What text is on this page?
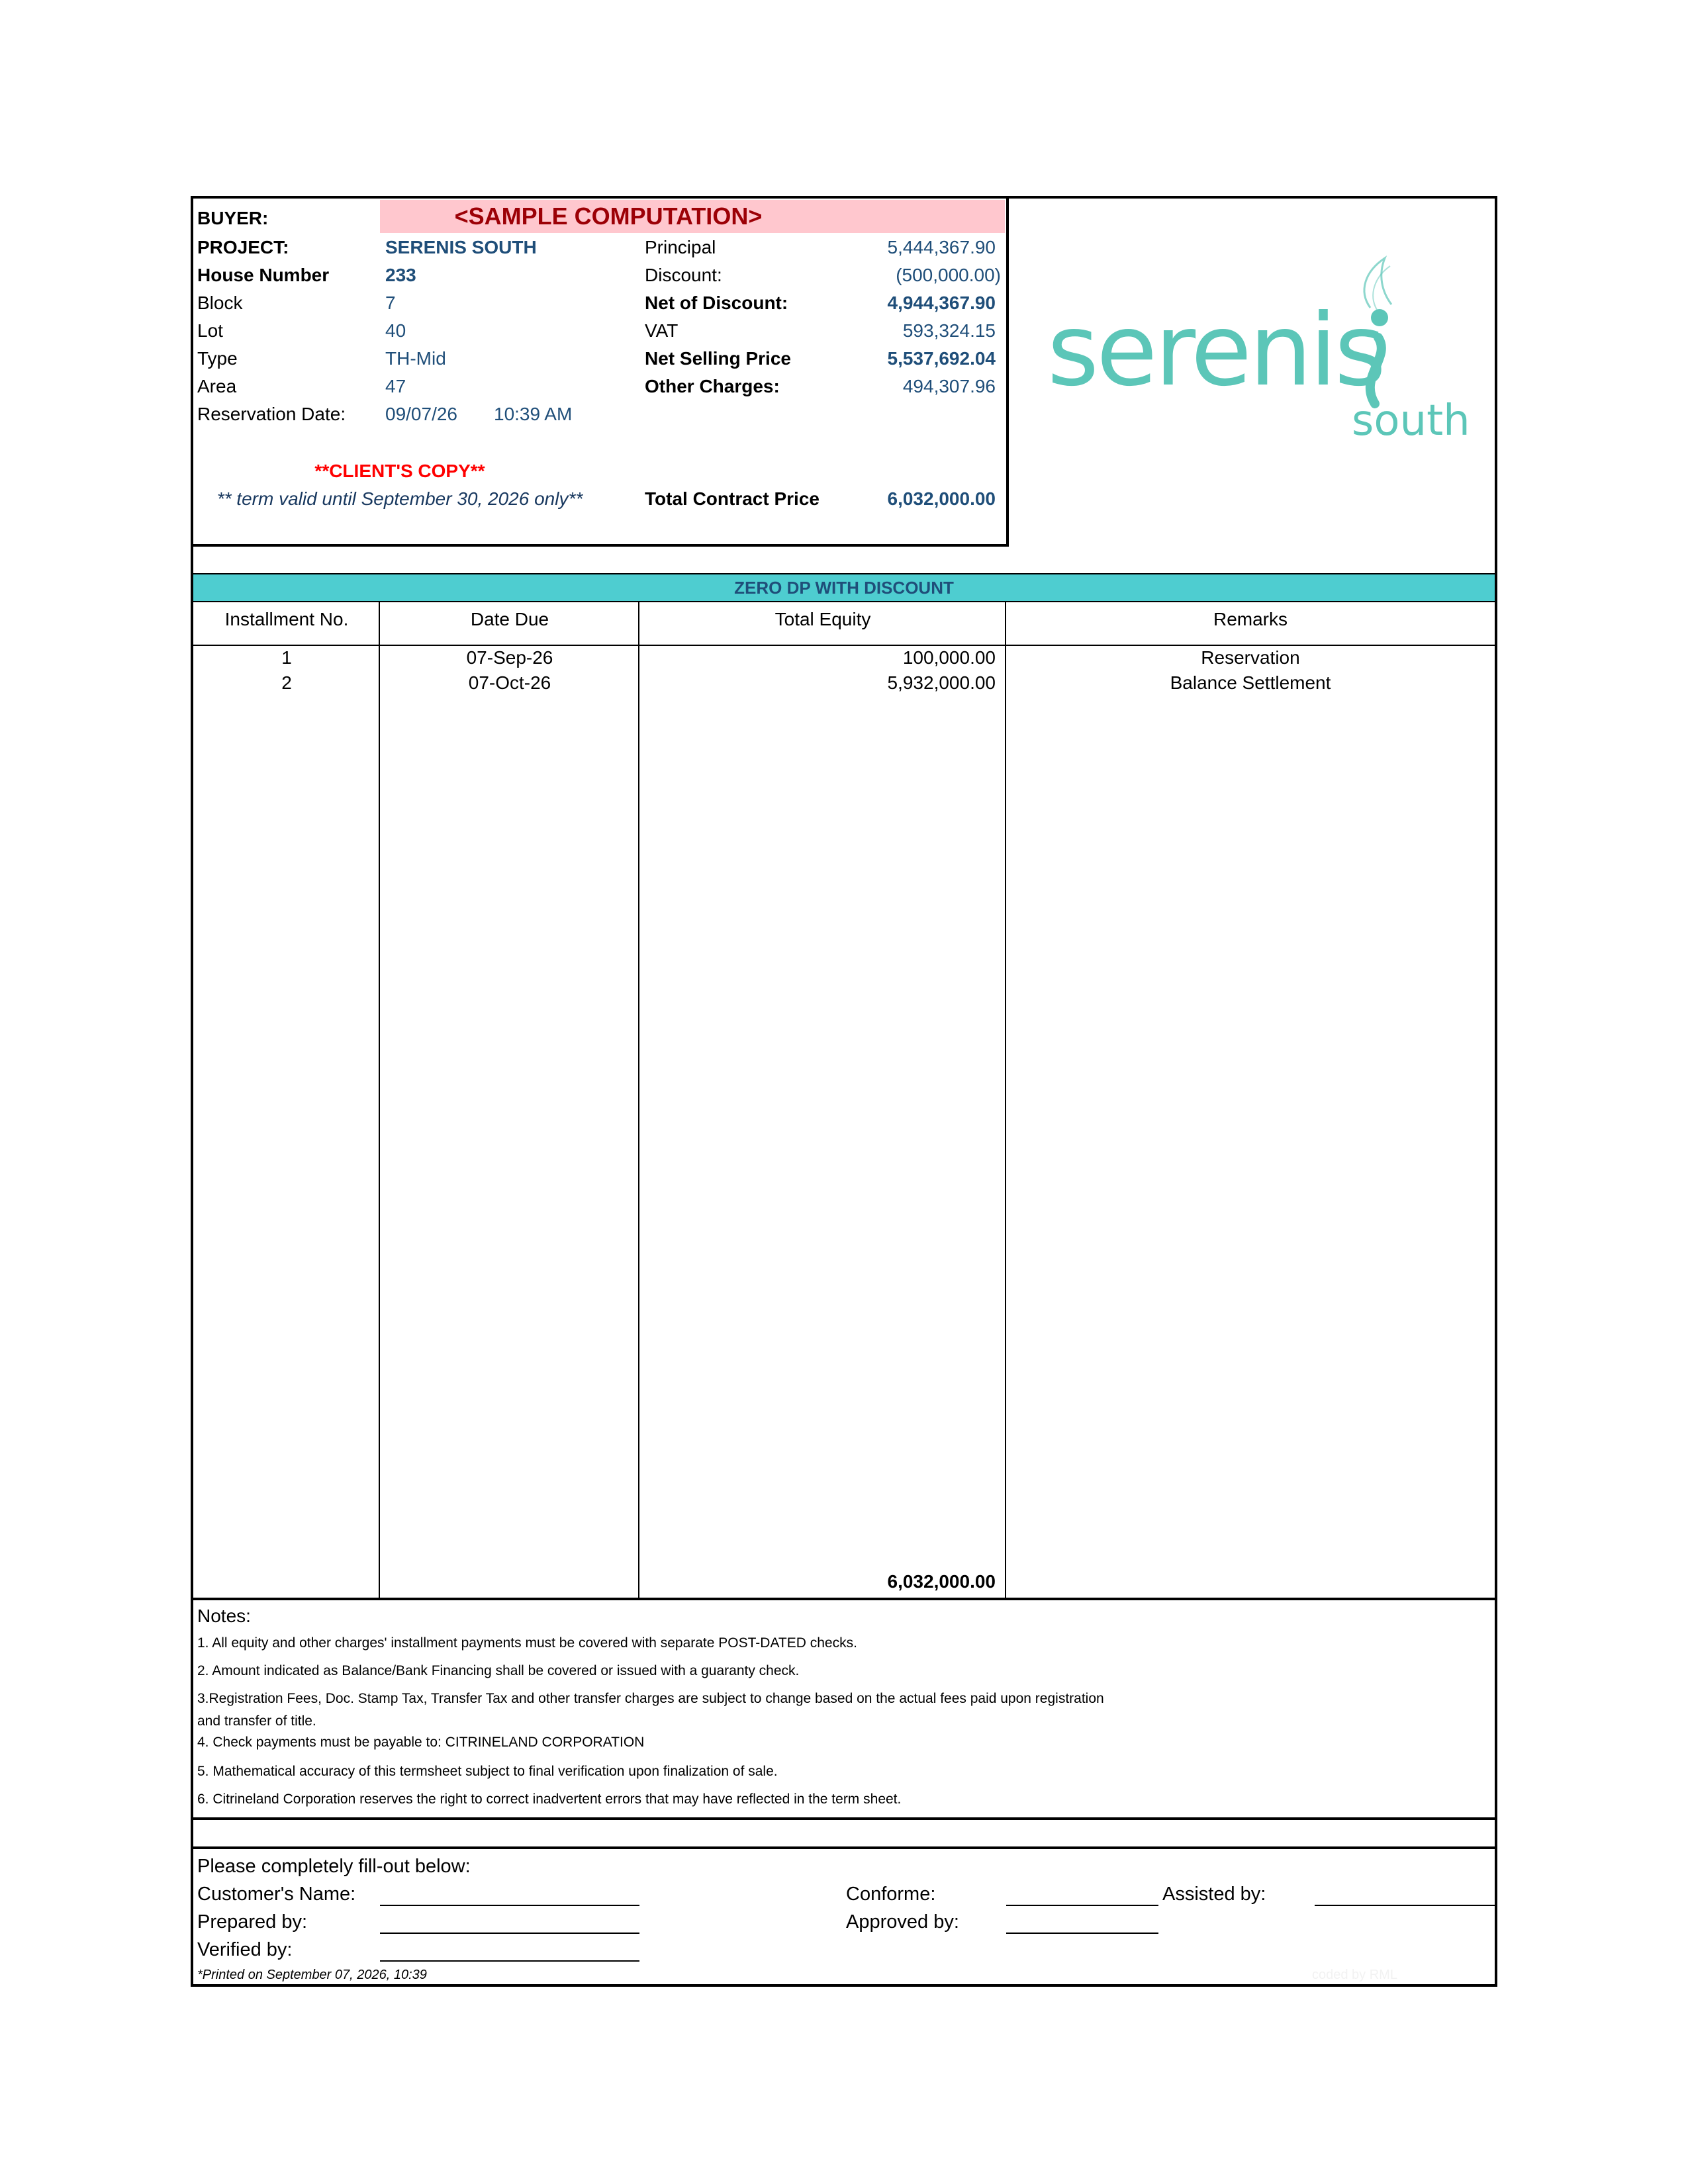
BUYER:	<SAMPLE COMPUTATION>
PROJECT:	SERENIS SOUTH
House Number	233
Block	7
Lot	40
Type	TH-Mid
Area	47
Reservation Date: 09/07/26 10:39 AM
**CLIENT'S COPY**
** term valid until September 30, 2026 only**
Principal	5,444,367.90
Discount:	(500,000.00)
Net of Discount:	4,944,367.90
VAT	593,324.15
Net Selling Price	5,537,692.04
Other Charges:	494,307.96
Total Contract Price	6,032,000.00
serenis
south
ZERO DP WITH DISCOUNT
Installment No.	Date Due	Total Equity	Remarks
1	07-Sep-26	100,000.00	Reservation
2	07-Oct-26	5,932,000.00	Balance Settlement
6,032,000.00
Notes:
1. All equity and other charges' installment payments must be covered with separate POST-DATED checks.
2. Amount indicated as Balance/Bank Financing shall be covered or issued with a guaranty check.
3.Registration Fees, Doc. Stamp Tax, Transfer Tax and other transfer charges are subject to change based on the actual fees paid upon registration
and transfer of title.
4. Check payments must be payable to: CITRINELAND CORPORATION
5. Mathematical accuracy of this termsheet subject to final verification upon finalization of sale.
6. Citrineland Corporation reserves the right to correct inadvertent errors that may have reflected in the term sheet.
Please completely fill-out below:
Customer's Name:
Prepared by:
Verified by:
Conforme:
Approved by:
Assisted by:
*Printed on September 07, 2026, 10:39	coded by RML
